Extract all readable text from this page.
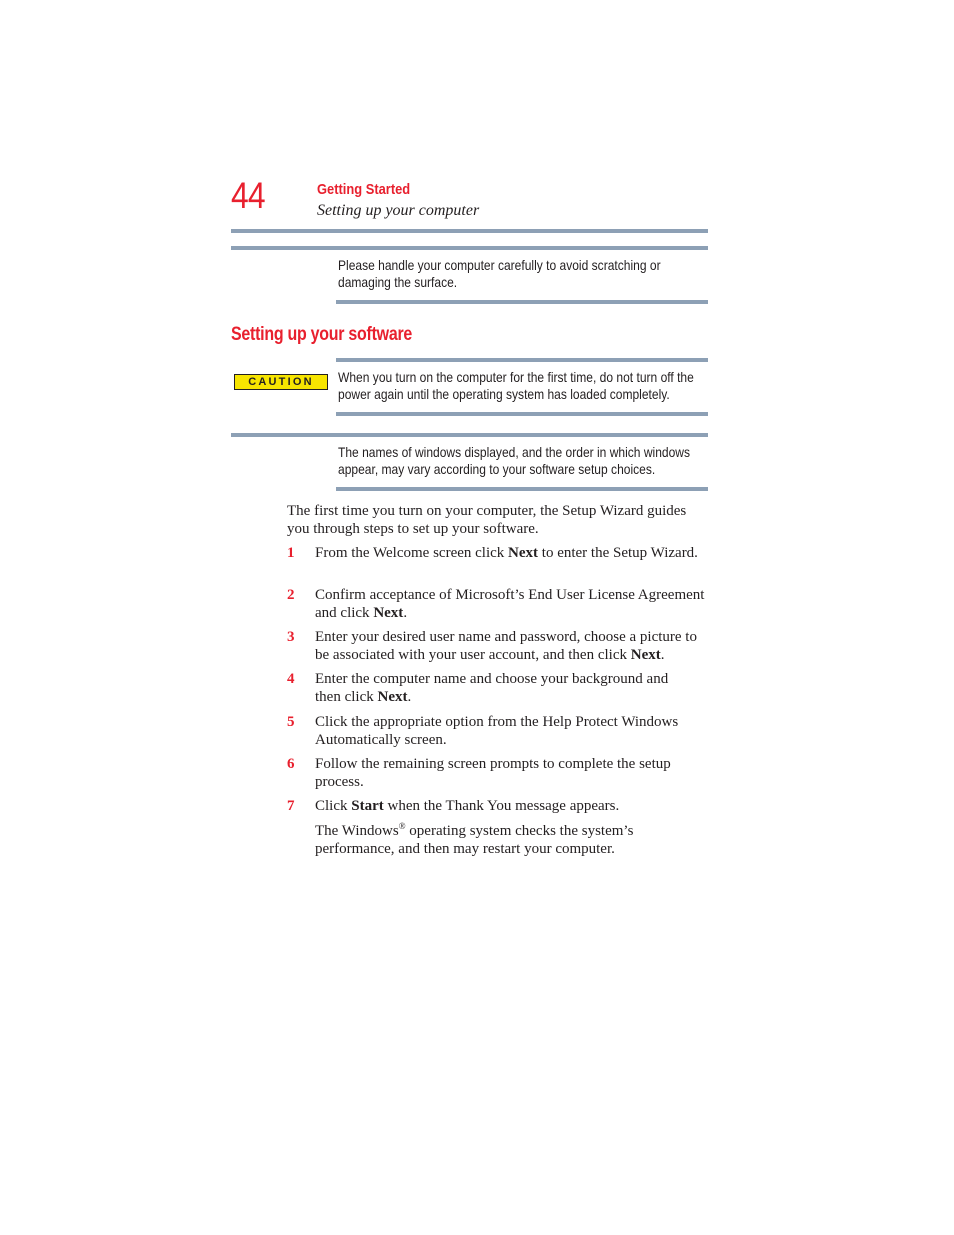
44	Getting Started
Setting up your computer
Please handle your computer carefully to avoid scratching or damaging the surface.
Setting up your software
CAUTION	When you turn on the computer for the first time, do not turn off the power again until the operating system has loaded completely.
The names of windows displayed, and the order in which windows appear, may vary according to your software setup choices.
The first time you turn on your computer, the Setup Wizard guides you through steps to set up your software.
1 From the Welcome screen click Next to enter the Setup Wizard.
2 Confirm acceptance of Microsoft’s End User License Agreement and click Next.
3 Enter your desired user name and password, choose a picture to be associated with your user account, and then click Next.
4 Enter the computer name and choose your background and then click Next.
5 Click the appropriate option from the Help Protect Windows Automatically screen.
6 Follow the remaining screen prompts to complete the setup process.
7 Click Start when the Thank You message appears.
The Windows® operating system checks the system’s performance, and then may restart your computer.
